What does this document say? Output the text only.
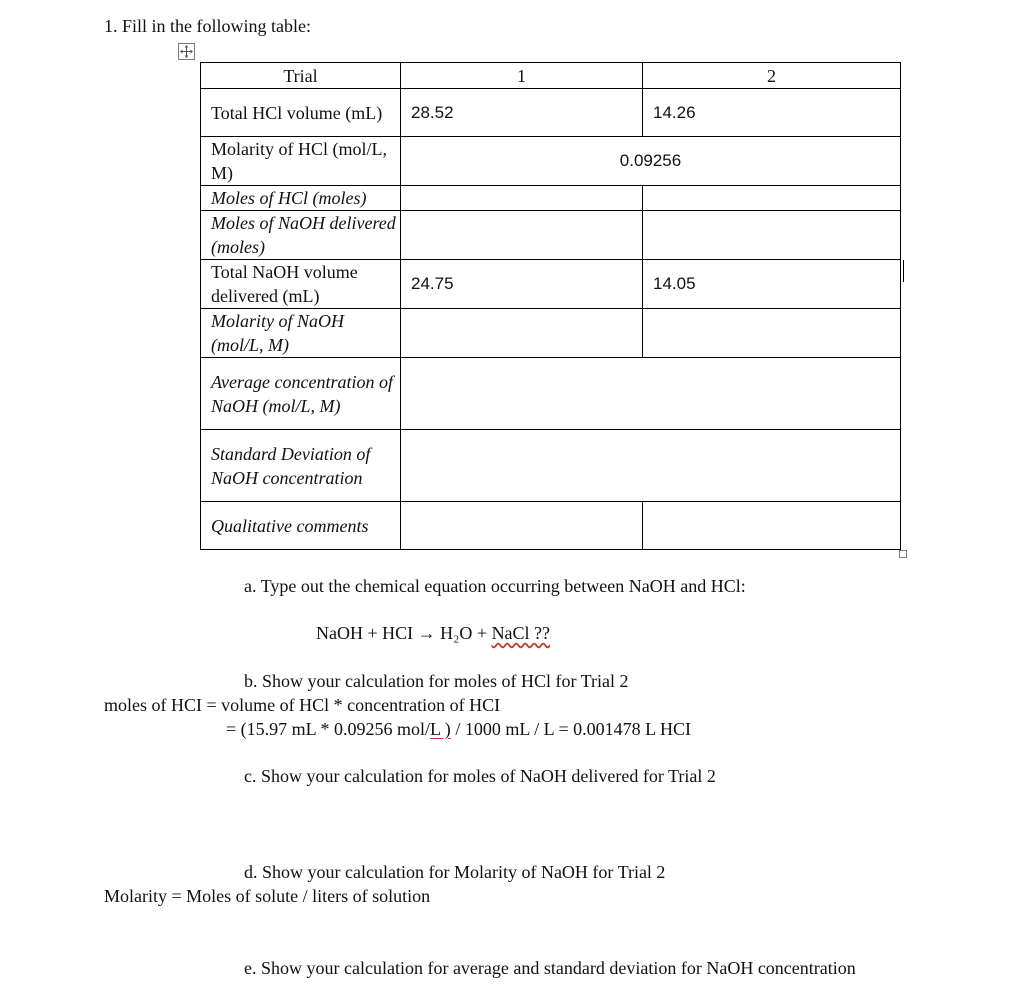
1. Fill in the following table:
Trial	1	2
Total HCl volume (mL)	28.52	14.26
Molarity of HCl (mol/L, M)	0.09256	
Moles of HCl (moles)		
Moles of NaOH delivered (moles)		
Total NaOH volume delivered (mL)	24.75	14.05
Molarity of NaOH (mol/L, M)		
Average concentration of NaOH (mol/L, M)		
Standard Deviation of NaOH concentration		
Qualitative comments		
a. Type out the chemical equation occurring between NaOH and HCl:
NaOH + HCI → H₂O + NaCl ??
b. Show your calculation for moles of HCl for Trial 2
moles of HCI = volume of HCl * concentration of HCI
= (15.97 mL * 0.09256 mol/L ) / 1000 mL / L = 0.001478 L HCI
c. Show your calculation for moles of NaOH delivered for Trial 2
d. Show your calculation for Molarity of NaOH for Trial 2
Molarity = Moles of solute / liters of solution
e. Show your calculation for average and standard deviation for NaOH concentration
